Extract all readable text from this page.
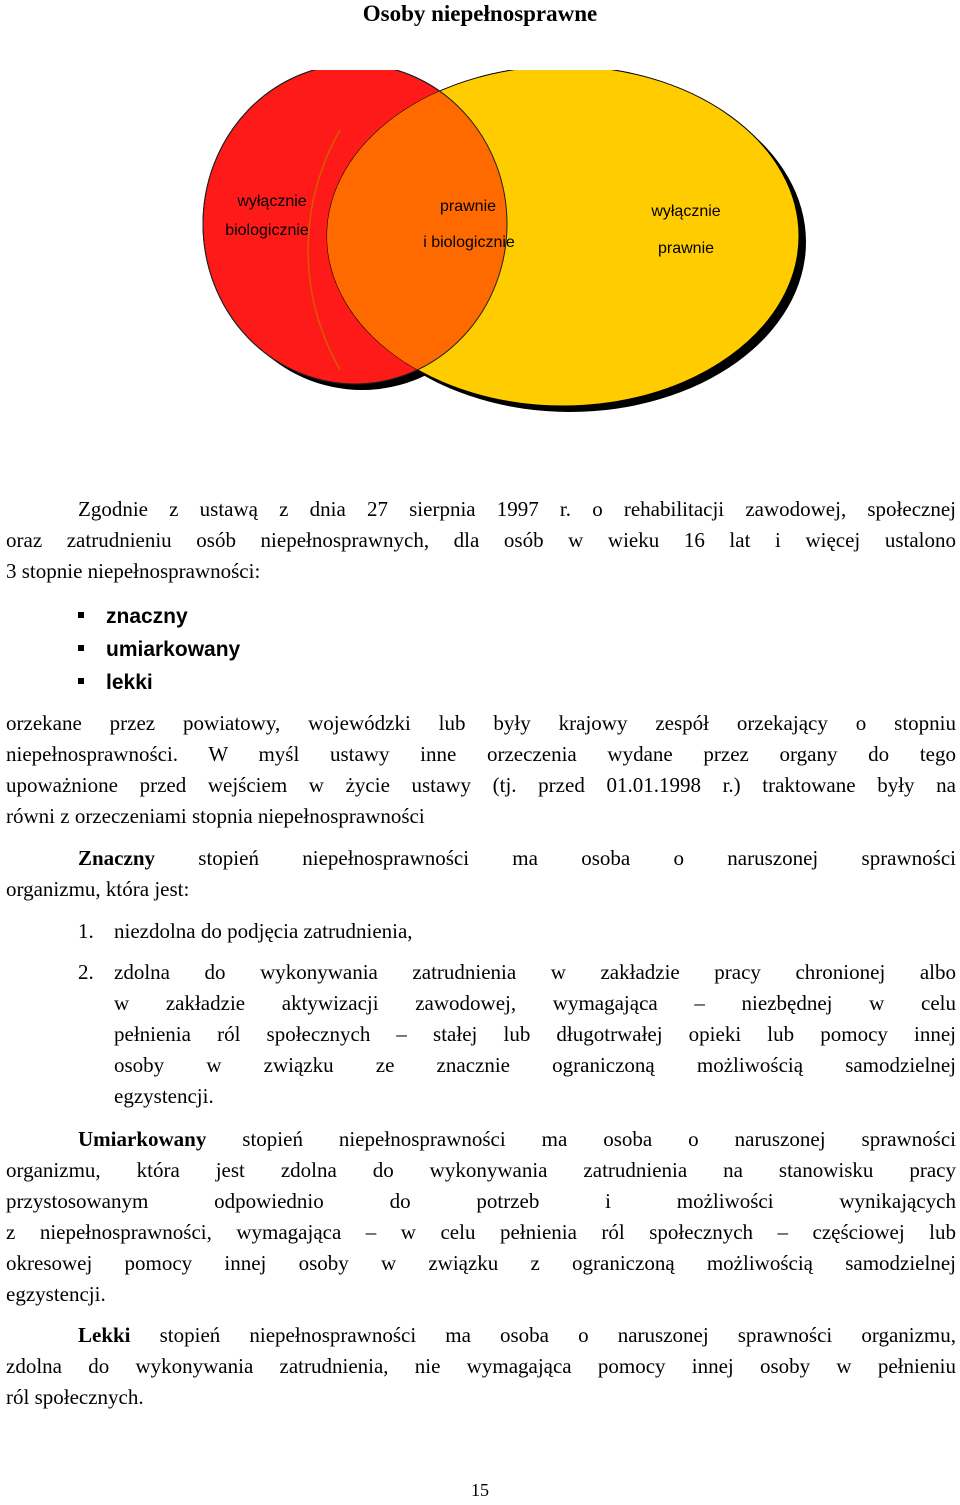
Osoby niepełnosprawne
wyłącznie
biologicznie
prawnie
i biologicznie
wyłącznie
prawnie
Zgodnie z ustawą z dnia 27 sierpnia 1997 r. o rehabilitacji zawodowej, społecznej
oraz zatrudnieniu osób niepełnosprawnych, dla osób w wieku 16 lat i więcej ustalono
3 stopnie niepełnosprawności:
znaczny
umiarkowany
lekki
orzekane przez powiatowy, wojewódzki lub były krajowy zespół orzekający o stopniu
niepełnosprawności. W myśl ustawy inne orzeczenia wydane przez organy do tego
upoważnione przed wejściem w życie ustawy (tj. przed 01.01.1998 r.) traktowane były na
równi z orzeczeniami stopnia niepełnosprawności
Znaczny stopień niepełnosprawności ma osoba o naruszonej sprawności
organizmu, która jest:
1. niezdolna do podjęcia zatrudnienia,
2. zdolna do wykonywania zatrudnienia w zakładzie pracy chronionej albo
w zakładzie aktywizacji zawodowej, wymagająca – niezbędnej w celu
pełnienia ról społecznych – stałej lub długotrwałej opieki lub pomocy innej
osoby w związku ze znacznie ograniczoną możliwością samodzielnej
egzystencji.
Umiarkowany stopień niepełnosprawności ma osoba o naruszonej sprawności
organizmu, która jest zdolna do wykonywania zatrudnienia na stanowisku pracy
przystosowanym odpowiednio do potrzeb i możliwości wynikających
z niepełnosprawności, wymagająca – w celu pełnienia ról społecznych – częściowej lub
okresowej pomocy innej osoby w związku z ograniczoną możliwością samodzielnej
egzystencji.
Lekki stopień niepełnosprawności ma osoba o naruszonej sprawności organizmu,
zdolna do wykonywania zatrudnienia, nie wymagająca pomocy innej osoby w pełnieniu
ról społecznych.
15
